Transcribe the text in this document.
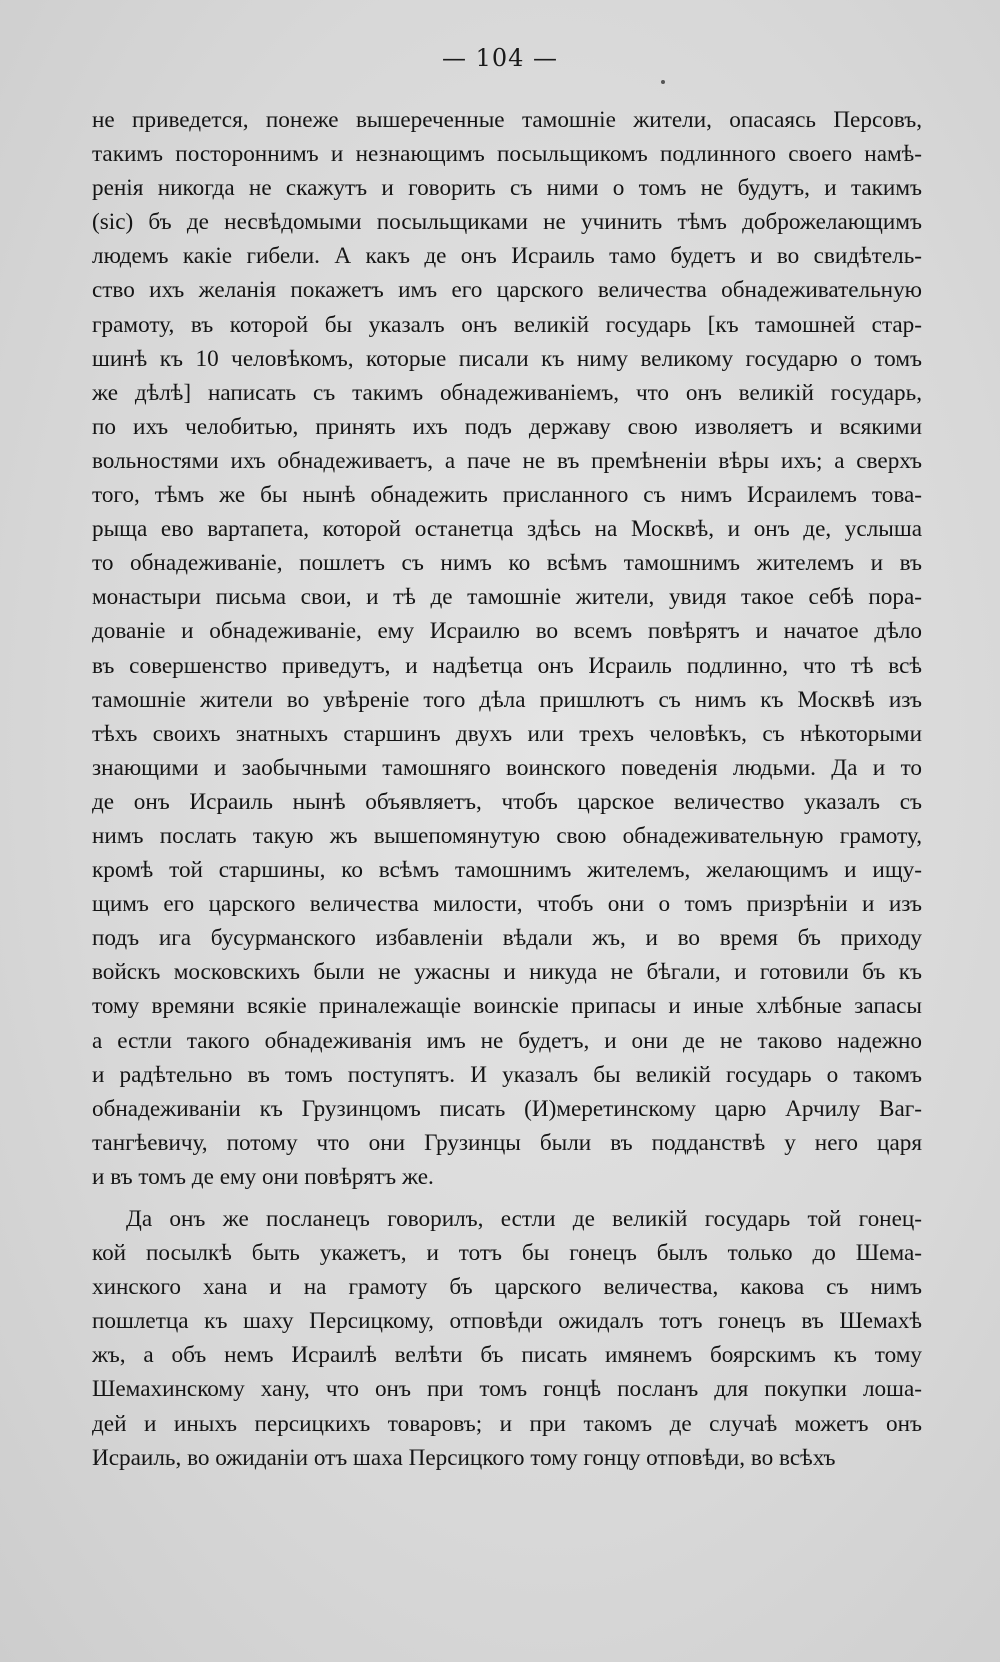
— 104 —
не приведется, понеже вышереченные тамошніе жители, опасаясь Персовъ,
такимъ постороннимъ и незнающимъ посыльщикомъ подлинного своего намѣ-
ренія никогда не скажутъ и говорить съ ними о томъ не будутъ, и такимъ
(sic) бъ де несвѣдомыми посыльщиками не учинить тѣмъ доброжелающимъ
людемъ какіе гибели. А какъ де онъ Исраиль тамо будетъ и во свидѣтель-
ство ихъ желанія покажетъ имъ его царского величества обнадеживательную
грамоту, въ которой бы указалъ онъ великій государь [къ тамошней стар-
шинѣ къ 10 человѣкомъ, которые писали къ ниму великому государю о томъ
же дѣлѣ] написать съ такимъ обнадеживаніемъ, что онъ великій государь,
по ихъ челобитью, принять ихъ подъ державу свою изволяетъ и всякими
вольностями ихъ обнадеживаетъ, а паче не въ премѣненіи вѣры ихъ; а сверхъ
того, тѣмъ же бы нынѣ обнадежить присланного съ нимъ Исраилемъ това-
рыща ево вартапета, которой останетца здѣсь на Москвѣ, и онъ де, услыша
то обнадеживаніе, пошлетъ съ нимъ ко всѣмъ тамошнимъ жителемъ и въ
монастыри письма свои, и тѣ де тамошніе жители, увидя такое себѣ пора-
дованіе и обнадеживаніе, ему Исраилю во всемъ повѣрятъ и начатое дѣло
въ совершенство приведутъ, и надѣетца онъ Исраиль подлинно, что тѣ всѣ
тамошніе жители во увѣреніе того дѣла пришлютъ съ нимъ къ Москвѣ изъ
тѣхъ своихъ знатныхъ старшинъ двухъ или трехъ человѣкъ, съ нѣкоторыми
знающими и заобычными тамошняго воинского поведенія людьми. Да и то
де онъ Исраиль нынѣ объявляетъ, чтобъ царское величество указалъ съ
нимъ послать такую жъ вышепомянутую свою обнадеживательную грамоту,
кромѣ той старшины, ко всѣмъ тамошнимъ жителемъ, желающимъ и ищу-
щимъ его царского величества милости, чтобъ они о томъ призрѣніи и изъ
подъ ига бусурманского избавленіи вѣдали жъ, и во время бъ приходу
войскъ московскихъ были не ужасны и никуда не бѣгали, и готовили бъ къ
тому времяни всякіе приналежащіе воинскіе припасы и иные хлѣбные запасы
а естли такого обнадеживанія имъ не будетъ, и они де не таково надежно
и радѣтельно въ томъ поступятъ. И указалъ бы великій государь о такомъ
обнадеживаніи къ Грузинцомъ писать (И)меретинскому царю Арчилу Ваг-
тангѣевичу, потому что они Грузинцы были въ подданствѣ у него царя
и въ томъ де ему они повѣрятъ же.
Да онъ же посланецъ говорилъ, естли де великій государь той гонец-
кой посылкѣ быть укажетъ, и тотъ бы гонецъ былъ только до Шема-
хинского хана и на грамоту бъ царского величества, какова съ нимъ
пошлетца къ шаху Персицкому, отповѣди ожидалъ тотъ гонецъ въ Шемахѣ
жъ, а объ немъ Исраилѣ велѣти бъ писать имянемъ боярскимъ къ тому
Шемахинскому хану, что онъ при томъ гонцѣ посланъ для покупки лошa-
дей и иныхъ персицкихъ товаровъ; и при такомъ де случаѣ можетъ онъ
Исраиль, во ожиданіи отъ шаха Персицкого тому гонцу отповѣди, во всѣхъ
